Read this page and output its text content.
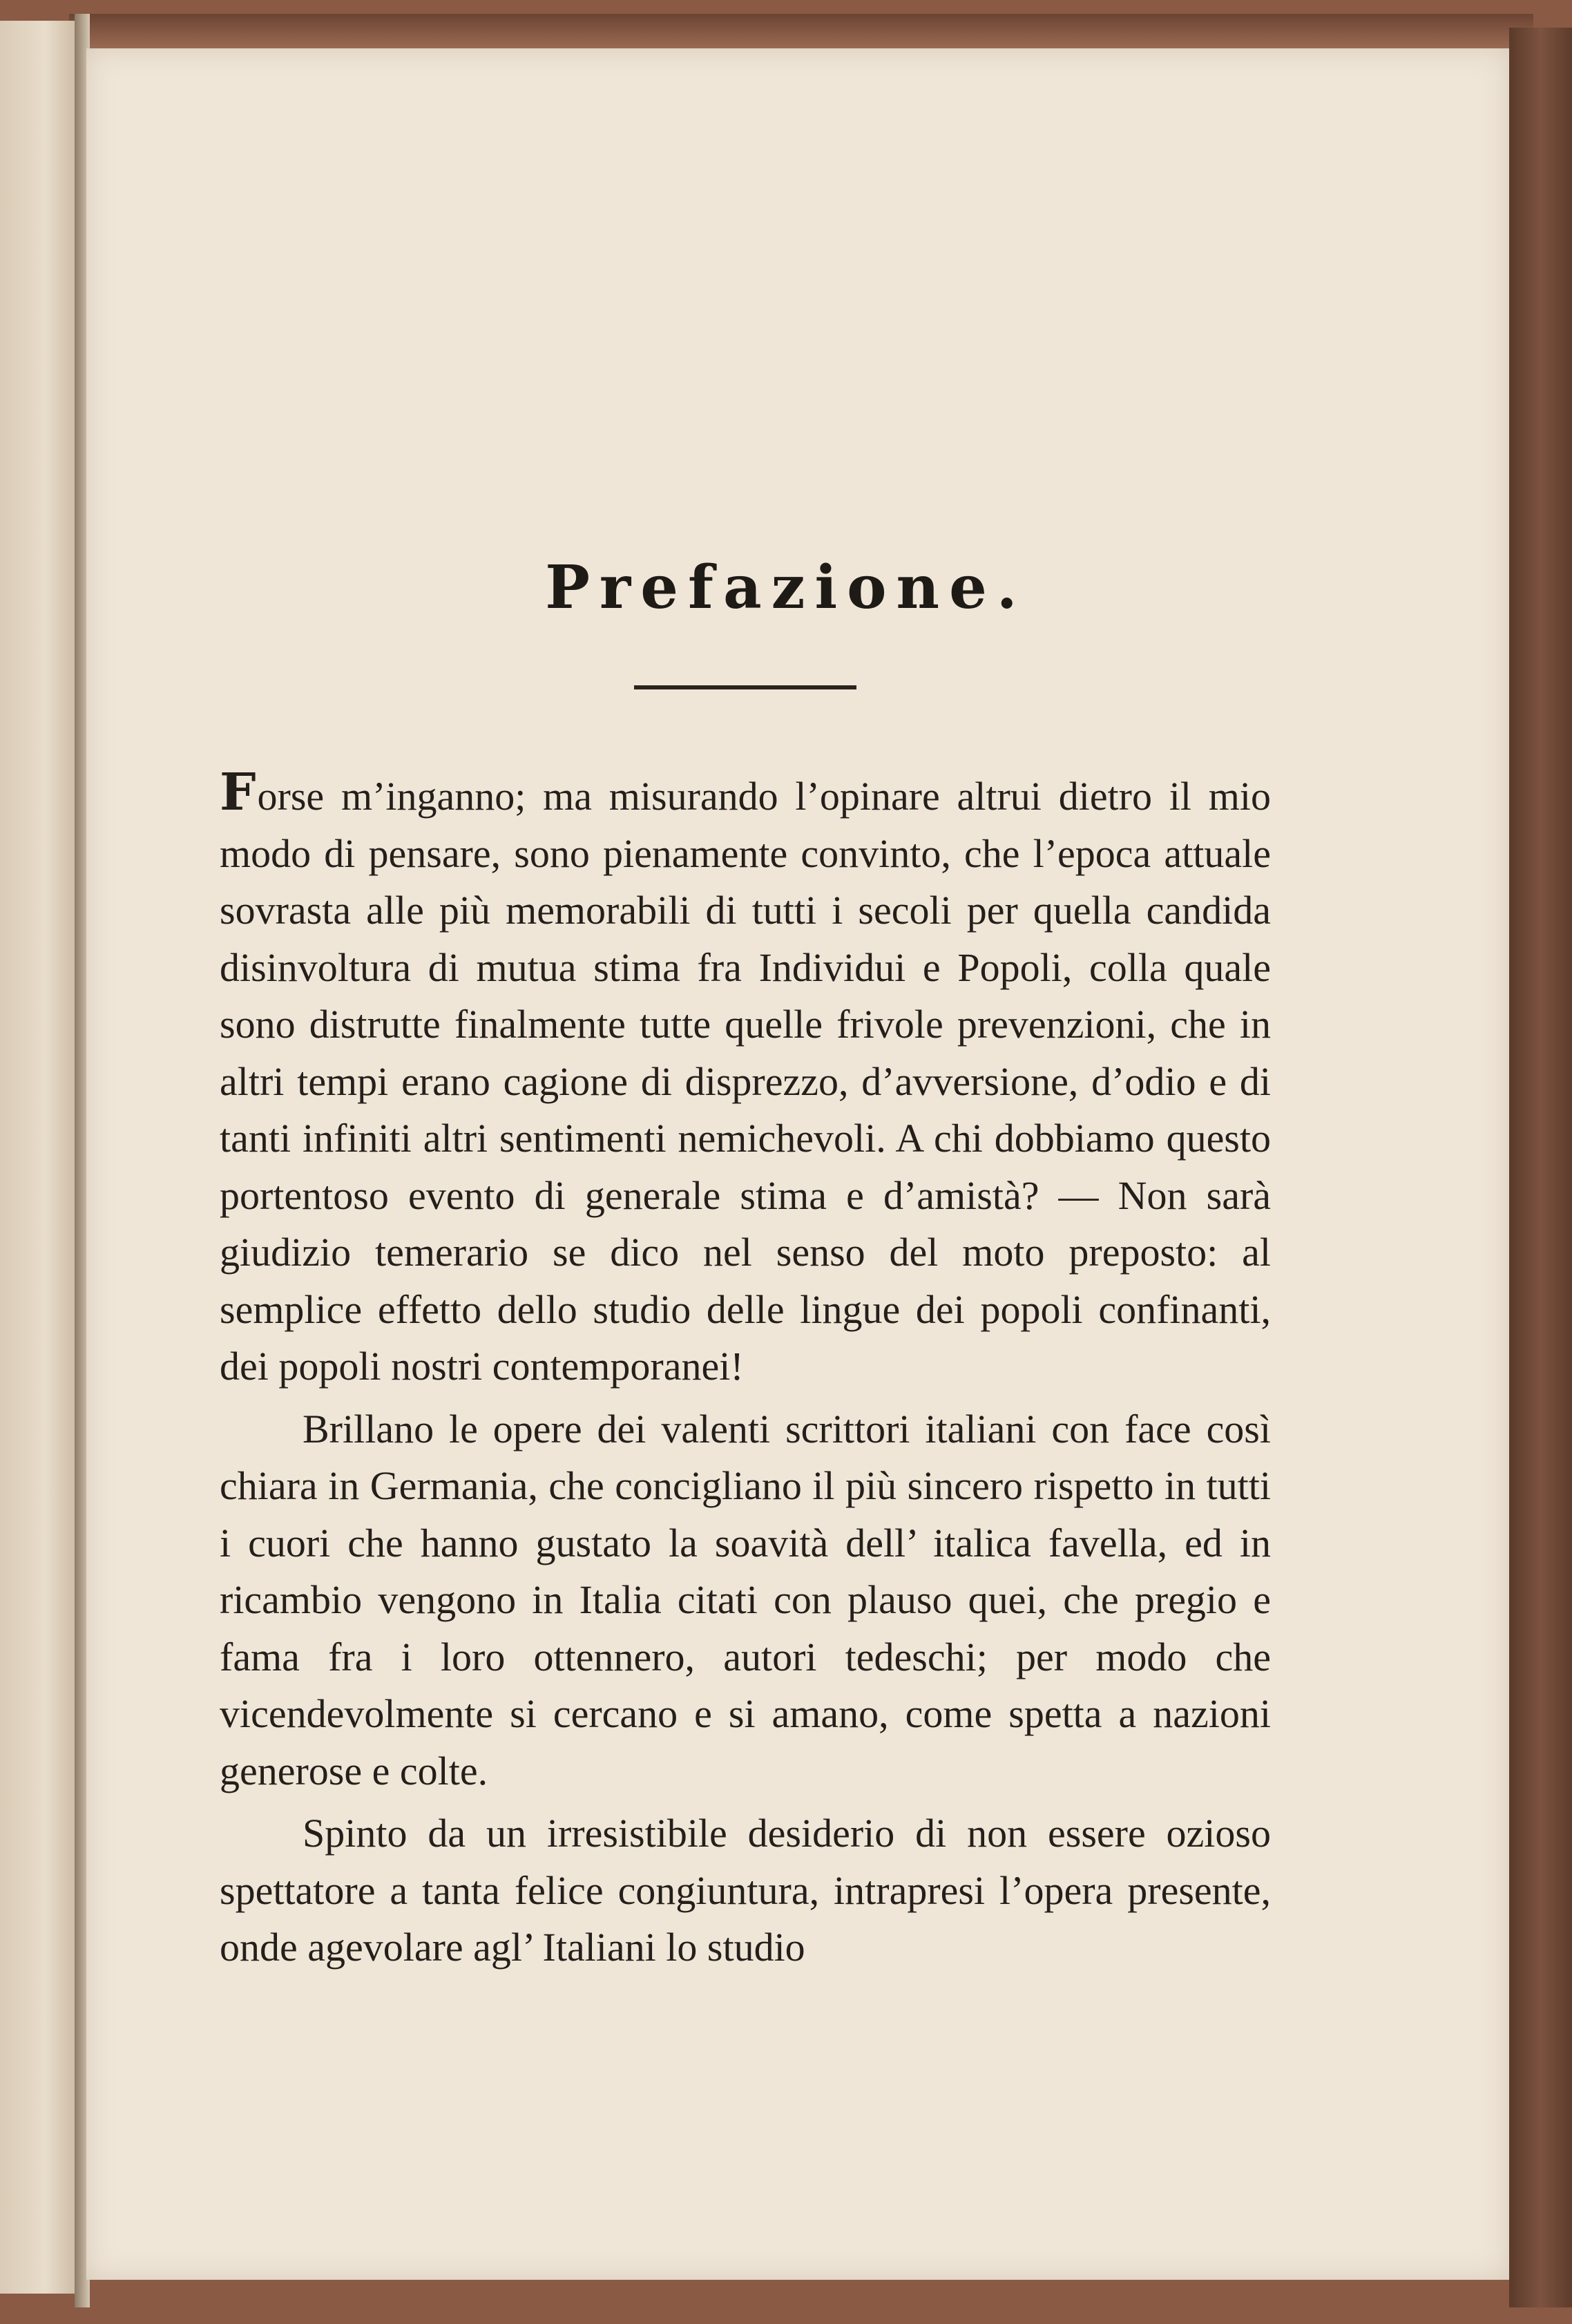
Prefazione.

Forse m’inganno; ma misurando l’opinare altrui dietro il mio modo di pensare, sono pienamente convinto, che l’epoca attuale sovrasta alle più memorabili di tutti i secoli per quella candida disinvoltura di mutua stima fra Individui e Popoli, colla quale sono distrutte finalmente tutte quelle frivole prevenzioni, che in altri tempi erano cagione di disprezzo, d’avversione, d’odio e di tanti infiniti altri sentimenti nemichevoli. A chi dobbiamo questo portentoso evento di generale stima e d’amistà? — Non sarà giudizio temerario se dico nel senso del moto preposto: al semplice effetto dello studio delle lingue dei popoli confinanti, dei popoli nostri contemporanei!

Brillano le opere dei valenti scrittori italiani con face così chiara in Germania, che concigliano il più sincero rispetto in tutti i cuori che hanno gustato la soavità dell’ italica favella, ed in ricambio vengono in Italia citati con plauso quei, che pregio e fama fra i loro ottennero, autori tedeschi; per modo che vicendevolmente si cercano e si amano, come spetta a nazioni generose e colte.

Spinto da un irresistibile desiderio di non essere ozioso spettatore a tanta felice congiuntura, intrapresi l’opera presente, onde agevolare agl’ Italiani lo studio
